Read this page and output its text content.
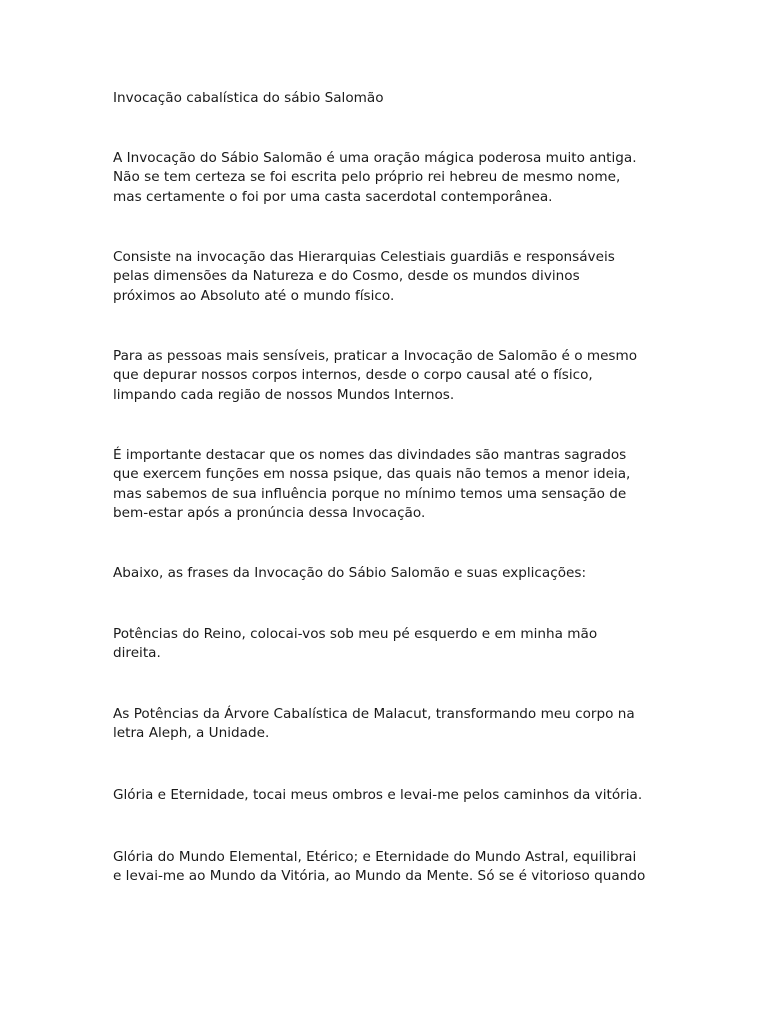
Invocação cabalística do sábio Salomão

A Invocação do Sábio Salomão é uma oração mágica poderosa muito antiga.
Não se tem certeza se foi escrita pelo próprio rei hebreu de mesmo nome,
mas certamente o foi por uma casta sacerdotal contemporânea.

Consiste na invocação das Hierarquias Celestiais guardiãs e responsáveis
pelas dimensões da Natureza e do Cosmo, desde os mundos divinos
próximos ao Absoluto até o mundo físico.

Para as pessoas mais sensíveis, praticar a Invocação de Salomão é o mesmo
que depurar nossos corpos internos, desde o corpo causal até o físico,
limpando cada região de nossos Mundos Internos.

É importante destacar que os nomes das divindades são mantras sagrados
que exercem funções em nossa psique, das quais não temos a menor ideia,
mas sabemos de sua influência porque no mínimo temos uma sensação de
bem-estar após a pronúncia dessa Invocação.

Abaixo, as frases da Invocação do Sábio Salomão e suas explicações:

Potências do Reino, colocai-vos sob meu pé esquerdo e em minha mão
direita.

As Potências da Árvore Cabalística de Malacut, transformando meu corpo na
letra Aleph, a Unidade.

Glória e Eternidade, tocai meus ombros e levai-me pelos caminhos da vitória.

Glória do Mundo Elemental, Etérico; e Eternidade do Mundo Astral, equilibrai
e levai-me ao Mundo da Vitória, ao Mundo da Mente. Só se é vitorioso quando
